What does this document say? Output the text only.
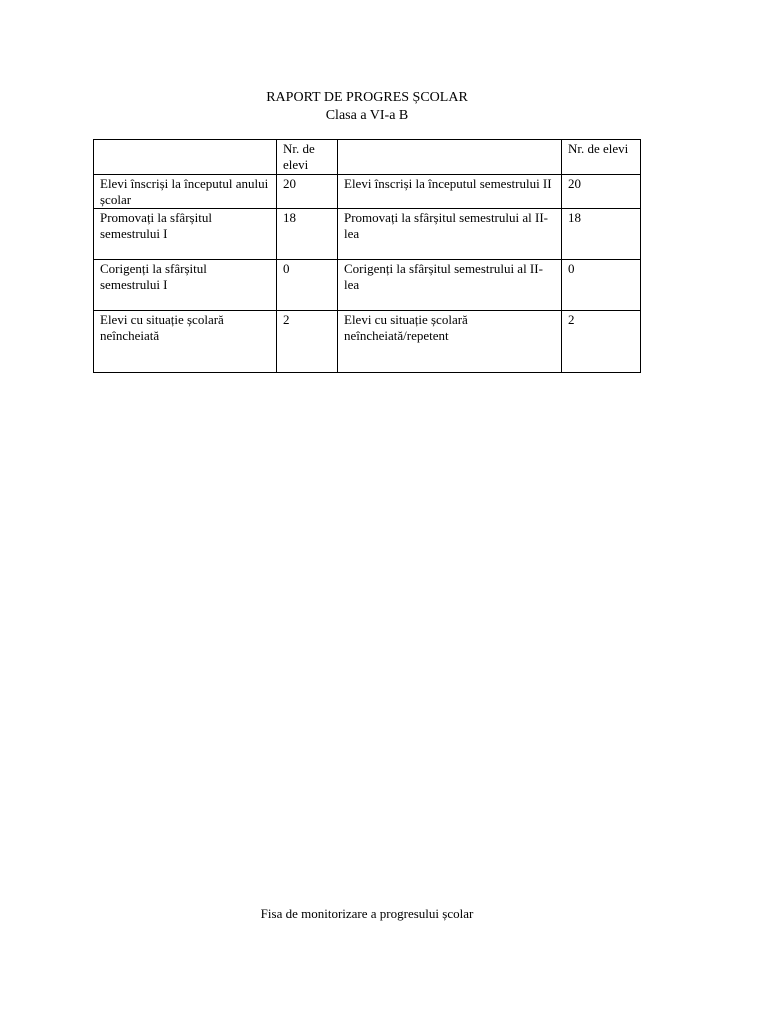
RAPORT DE PROGRES ȘCOLAR
Clasa a VI-a B
	Nr. de elevi		Nr. de elevi
Elevi înscriși la începutul anului școlar	20	Elevi înscriși la începutul semestrului II	20
Promovați la sfârșitul semestrului I	18	Promovați la sfârșitul semestrului al II-lea	18
Corigenți la sfârșitul semestrului I	0	Corigenți la sfârșitul semestrului al II-lea	0
Elevi cu situație școlară neîncheiată	2	Elevi cu situație școlară neîncheiată/repetent	2
Fisa de monitorizare a progresului școlar
